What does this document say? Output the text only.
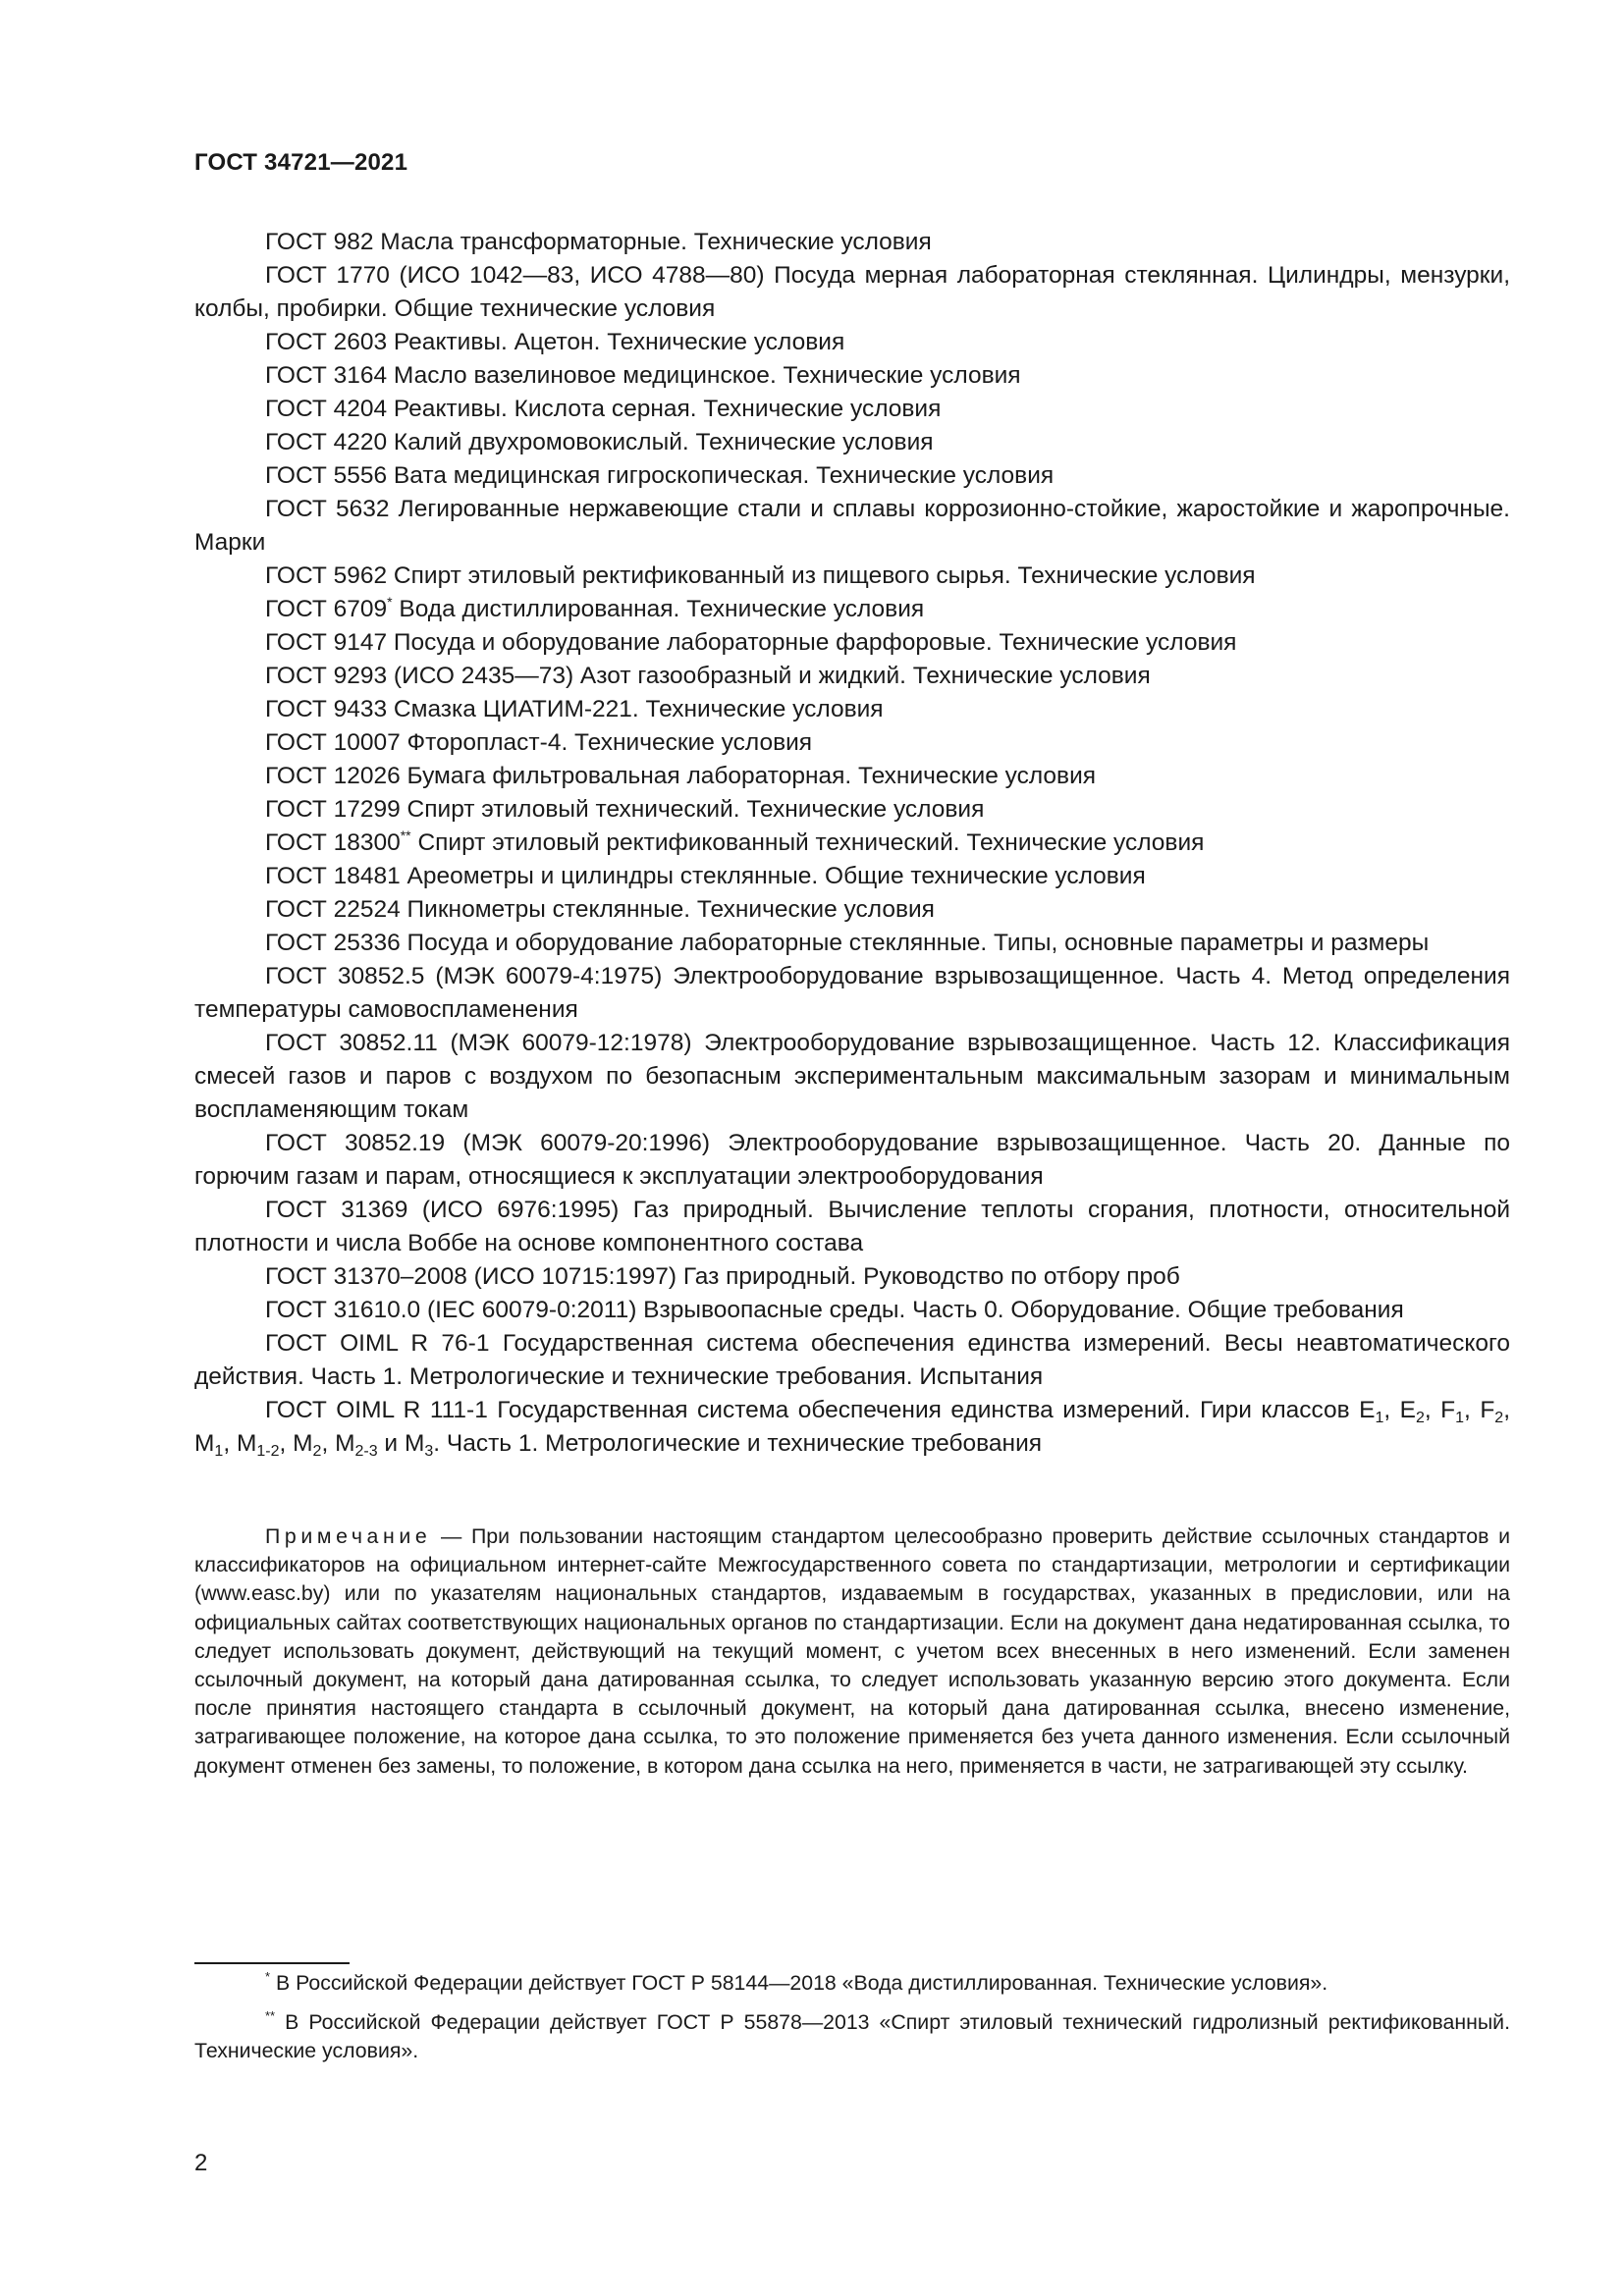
ГОСТ 34721—2021
ГОСТ 982 Масла трансформаторные. Технические условия
ГОСТ 1770 (ИСО 1042—83, ИСО 4788—80) Посуда мерная лабораторная стеклянная. Цилиндры, мензурки, колбы, пробирки. Общие технические условия
ГОСТ 2603 Реактивы. Ацетон. Технические условия
ГОСТ 3164 Масло вазелиновое медицинское. Технические условия
ГОСТ 4204 Реактивы. Кислота серная. Технические условия
ГОСТ 4220 Калий двухромовокислый. Технические условия
ГОСТ 5556 Вата медицинская гигроскопическая. Технические условия
ГОСТ 5632 Легированные нержавеющие стали и сплавы коррозионно-стойкие, жаростойкие и жаропрочные. Марки
ГОСТ 5962 Спирт этиловый ректификованный из пищевого сырья. Технические условия
ГОСТ 6709* Вода дистиллированная. Технические условия
ГОСТ 9147 Посуда и оборудование лабораторные фарфоровые. Технические условия
ГОСТ 9293 (ИСО 2435—73) Азот газообразный и жидкий. Технические условия
ГОСТ 9433 Смазка ЦИАТИМ-221. Технические условия
ГОСТ 10007 Фторопласт-4. Технические условия
ГОСТ 12026 Бумага фильтровальная лабораторная. Технические условия
ГОСТ 17299 Спирт этиловый технический. Технические условия
ГОСТ 18300** Спирт этиловый ректификованный технический. Технические условия
ГОСТ 18481 Ареометры и цилиндры стеклянные. Общие технические условия
ГОСТ 22524 Пикнометры стеклянные. Технические условия
ГОСТ 25336 Посуда и оборудование лабораторные стеклянные. Типы, основные параметры и размеры
ГОСТ 30852.5 (МЭК 60079-4:1975) Электрооборудование взрывозащищенное. Часть 4. Метод определения температуры самовоспламенения
ГОСТ 30852.11 (МЭК 60079-12:1978) Электрооборудование взрывозащищенное. Часть 12. Классификация смесей газов и паров с воздухом по безопасным экспериментальным максимальным зазорам и минимальным воспламеняющим токам
ГОСТ 30852.19 (МЭК 60079-20:1996) Электрооборудование взрывозащищенное. Часть 20. Данные по горючим газам и парам, относящиеся к эксплуатации электрооборудования
ГОСТ 31369 (ИСО 6976:1995) Газ природный. Вычисление теплоты сгорания, плотности, относительной плотности и числа Воббе на основе компонентного состава
ГОСТ 31370–2008 (ИСО 10715:1997) Газ природный. Руководство по отбору проб
ГОСТ 31610.0 (IEC 60079-0:2011) Взрывоопасные среды. Часть 0. Оборудование. Общие требования
ГОСТ OIML R 76-1 Государственная система обеспечения единства измерений. Весы неавтоматического действия. Часть 1. Метрологические и технические требования. Испытания
ГОСТ OIML R 111-1 Государственная система обеспечения единства измерений. Гири классов $E_1$, $E_2$, $F_1$, $F_2$, $M_1$, $M_{1-2}$, $M_2$, $M_{2-3}$ и $M_3$. Часть 1. Метрологические и технические требования
Примечание — При пользовании настоящим стандартом целесообразно проверить действие ссылочных стандартов и классификаторов на официальном интернет-сайте Межгосударственного совета по стандартизации, метрологии и сертификации (www.easc.by) или по указателям национальных стандартов, издаваемым в государствах, указанных в предисловии, или на официальных сайтах соответствующих национальных органов по стандартизации. Если на документ дана недатированная ссылка, то следует использовать документ, действующий на текущий момент, с учетом всех внесенных в него изменений. Если заменен ссылочный документ, на который дана датированная ссылка, то следует использовать указанную версию этого документа. Если после принятия настоящего стандарта в ссылочный документ, на который дана датированная ссылка, внесено изменение, затрагивающее положение, на которое дана ссылка, то это положение применяется без учета данного изменения. Если ссылочный документ отменен без замены, то положение, в котором дана ссылка на него, применяется в части, не затрагивающей эту ссылку.
* В Российской Федерации действует ГОСТ Р 58144—2018 «Вода дистиллированная. Технические условия».
** В Российской Федерации действует ГОСТ Р 55878—2013 «Спирт этиловый технический гидролизный ректификованный. Технические условия».
2
